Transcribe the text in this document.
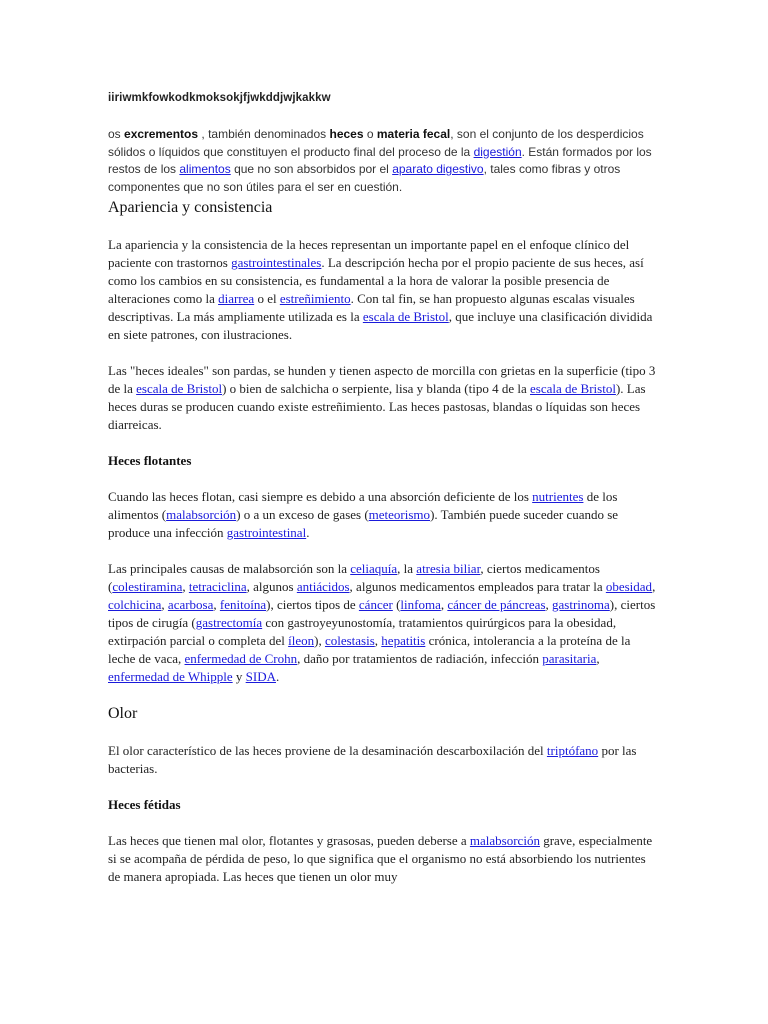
iiriwmkfowkodkmoksokjfjwkddjwjkakkw

os excrementos , también denominados heces o materia fecal, son el conjunto de los desperdicios sólidos o líquidos que constituyen el producto final del proceso de la digestión. Están formados por los restos de los alimentos que no son absorbidos por el aparato digestivo, tales como fibras y otros componentes que no son útiles para el ser en cuestión.

Apariencia y consistencia

La apariencia y la consistencia de la heces representan un importante papel en el enfoque clínico del paciente con trastornos gastrointestinales. La descripción hecha por el propio paciente de sus heces, así como los cambios en su consistencia, es fundamental a la hora de valorar la posible presencia de alteraciones como la diarrea o el estreñimiento. Con tal fin, se han propuesto algunas escalas visuales descriptivas. La más ampliamente utilizada es la escala de Bristol, que incluye una clasificación dividida en siete patrones, con ilustraciones.

Las "heces ideales" son pardas, se hunden y tienen aspecto de morcilla con grietas en la superficie (tipo 3 de la escala de Bristol) o bien de salchicha o serpiente, lisa y blanda (tipo 4 de la escala de Bristol). Las heces duras se producen cuando existe estreñimiento. Las heces pastosas, blandas o líquidas son heces diarreicas.

Heces flotantes

Cuando las heces flotan, casi siempre es debido a una absorción deficiente de los nutrientes de los alimentos (malabsorción) o a un exceso de gases (meteorismo). También puede suceder cuando se produce una infección gastrointestinal.

Las principales causas de malabsorción son la celiaquía, la atresia biliar, ciertos medicamentos (colestiramina, tetraciclina, algunos antiácidos, algunos medicamentos empleados para tratar la obesidad, colchicina, acarbosa, fenitoína), ciertos tipos de cáncer (linfoma, cáncer de páncreas, gastrinoma), ciertos tipos de cirugía (gastrectomía con gastroyeyunostomía, tratamientos quirúrgicos para la obesidad, extirpación parcial o completa del íleon), colestasis, hepatitis crónica, intolerancia a la proteína de la leche de vaca, enfermedad de Crohn, daño por tratamientos de radiación, infección parasitaria, enfermedad de Whipple y SIDA.

Olor

El olor característico de las heces proviene de la desaminación descarboxilación del triptófano por las bacterias.

Heces fétidas

Las heces que tienen mal olor, flotantes y grasosas, pueden deberse a malabsorción grave, especialmente si se acompaña de pérdida de peso, lo que significa que el organismo no está absorbiendo los nutrientes de manera apropiada. Las heces que tienen un olor muy
